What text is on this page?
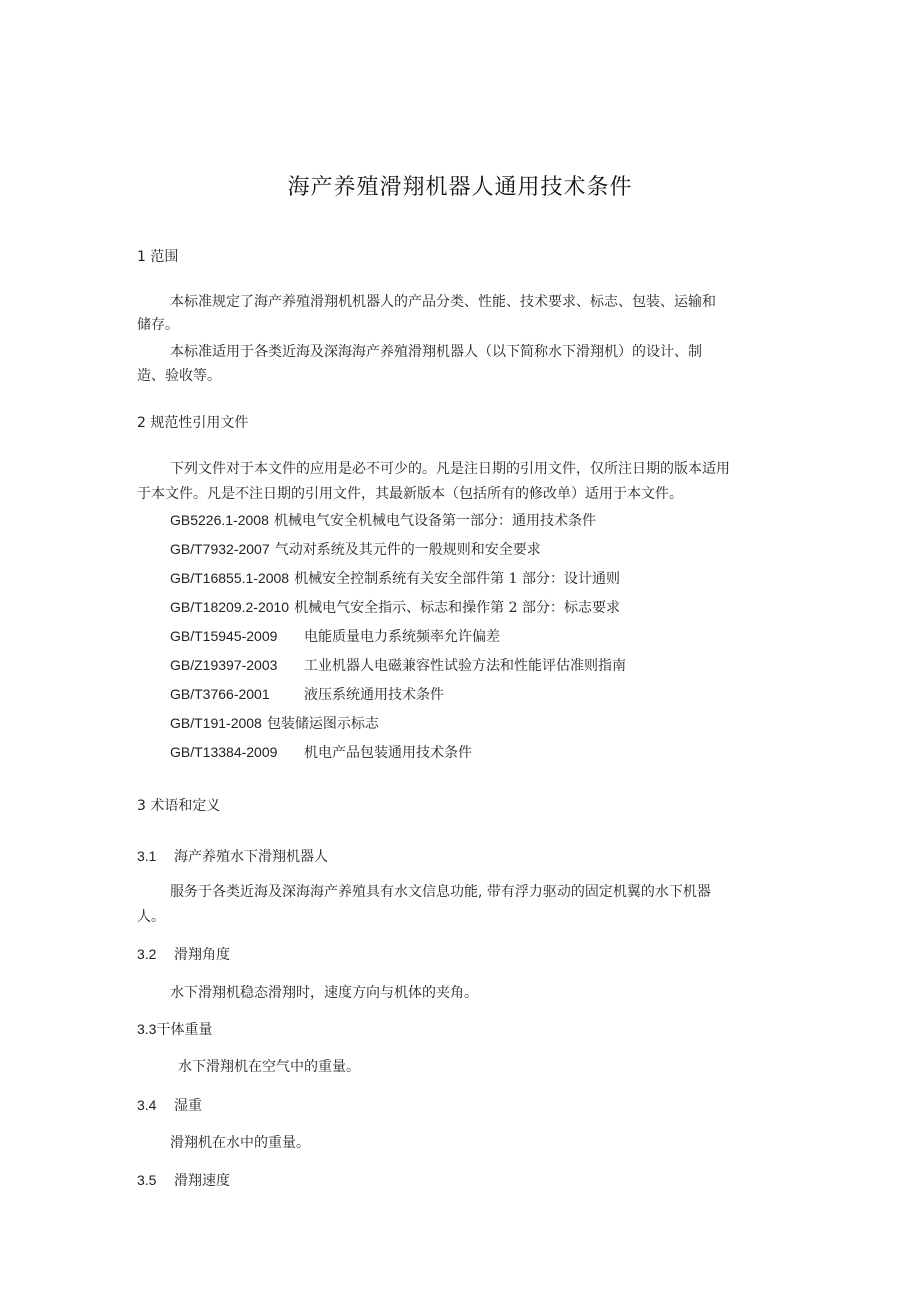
海产养殖滑翔机器人通用技术条件
1 范围
本标准规定了海产养殖滑翔机机器人的产品分类、性能、技术要求、标志、包装、运输和
储存。
本标准适用于各类近海及深海海产养殖滑翔机器人（以下简称水下滑翔机）的设计、制
造、验收等。
2 规范性引用文件
下列文件对于本文件的应用是必不可少的。凡是注日期的引用文件，仅所注日期的版本适用
于本文件。凡是不注日期的引用文件，其最新版本（包括所有的修改单）适用于本文件。
GB5226.1-2008 机械电气安全机械电气设备第一部分：通用技术条件
GB/T7932-2007 气动对系统及其元件的一般规则和安全要求
GB/T16855.1-2008 机械安全控制系统有关安全部件第 1 部分：设计通则
GB/T18209.2-2010 机械电气安全指示、标志和操作第 2 部分：标志要求
GB/T15945-2009 电能质量电力系统频率允许偏差
GB/Z19397-2003 工业机器人电磁兼容性试验方法和性能评估准则指南
GB/T3766-2001 液压系统通用技术条件
GB/T191-2008 包装储运图示标志
GB/T13384-2009 机电产品包装通用技术条件
3 术语和定义
3.1 海产养殖水下滑翔机器人
服务于各类近海及深海海产养殖具有水文信息功能, 带有浮力驱动的固定机翼的水下机器
人。
3.2 滑翔角度
水下滑翔机稳态滑翔时，速度方向与机体的夹角。
3.3干体重量
水下滑翔机在空气中的重量。
3.4 湿重
滑翔机在水中的重量。
3.5 滑翔速度
